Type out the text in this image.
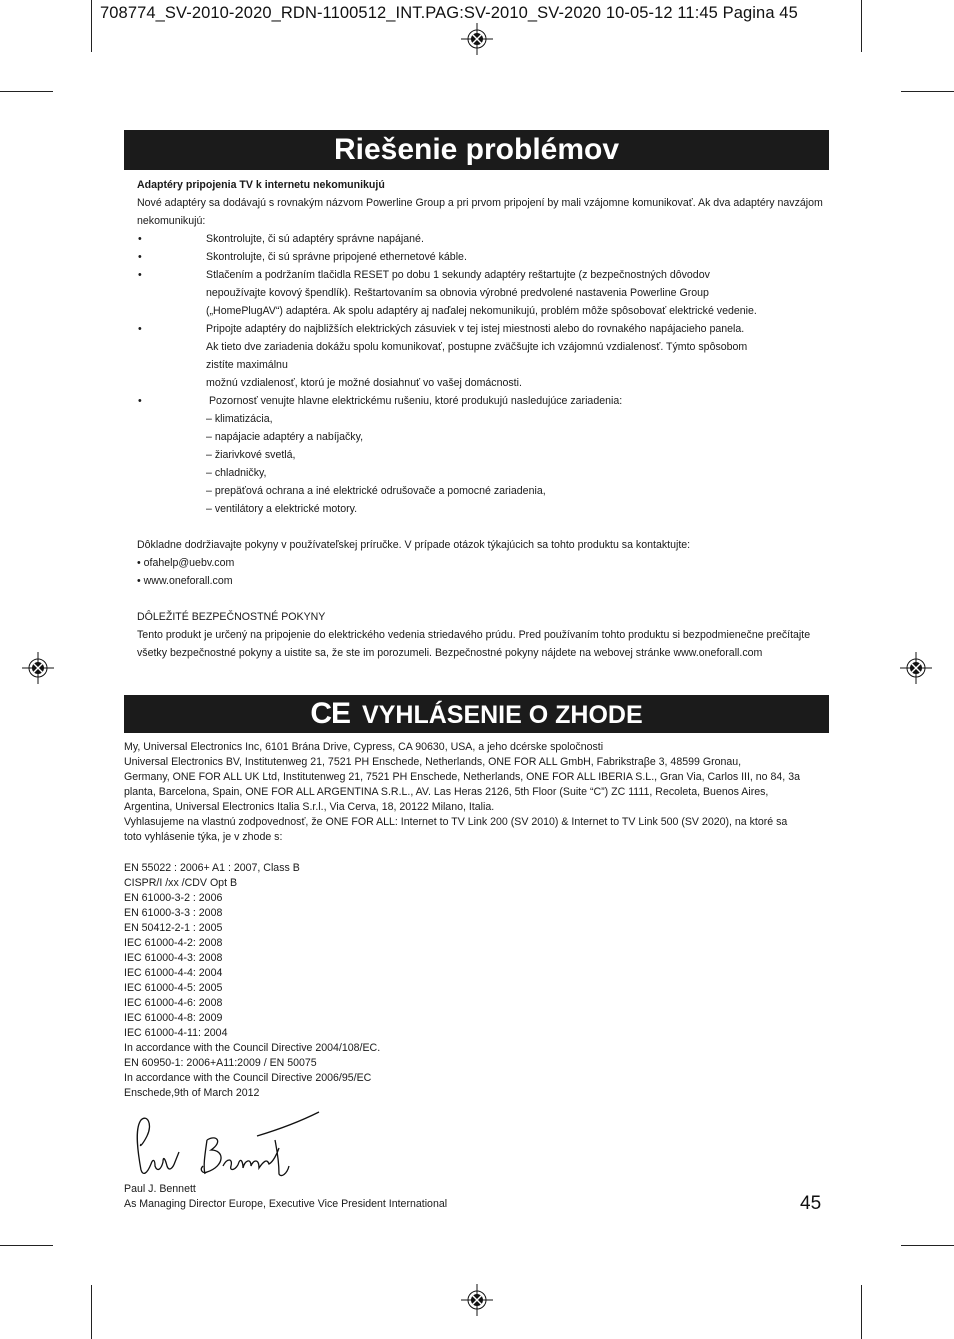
708774_SV-2010-2020_RDN-1100512_INT.PAG:SV-2010_SV-2020 10-05-12 11:45 Pagina 45
Riešenie problémov

Adaptéry pripojenia TV k internetu nekomunikujú

Nové adaptéry sa dodávajú s rovnakým názvom Powerline Group a pri prvom pripojení by mali vzájomne komunikovať. Ak dva adaptéry navzájom nekomunikujú:

•	Skontrolujte, či sú adaptéry správne napájané.
•	Skontrolujte, či sú správne pripojené ethernetové káble.
•	Stlačením a podržaním tlačidla RESET po dobu 1 sekundy adaptéry reštartujte (z bezpečnostných dôvodov

nepoužívajte kovový špendlík). Reštartovaním sa obnovia výrobné predvolené nastavenia Powerline Group

(„HomePlugAV“) adaptéra. Ak spolu adaptéry aj naďalej nekomunikujú, problém môže spôsobovať elektrické vedenie.

•	Pripojte adaptéry do najbližších elektrických zásuviek v tej istej miestnosti alebo do rovnakého napájacieho panela.

Ak tieto dve zariadenia dokážu spolu komunikovať, postupne zväčšujte ich vzájomnú vzdialenosť. Týmto spôsobom

zistíte maximálnu

možnú vzdialenosť, ktorú je možné dosiahnuť vo vašej domácnosti.

•	Pozornosť venujte hlavne elektrickému rušeniu, ktoré produkujú nasledujúce zariadenia:

– klimatizácia,

– napájacie adaptéry a nabíjačky,

– žiarivkové svetlá,

– chladničky,

– prepäťová ochrana a iné elektrické odrušovače a pomocné zariadenia,

– ventilátory a elektrické motory.

Dôkladne dodržiavajte pokyny v používateľskej príručke. V prípade otázok týkajúcich sa tohto produktu sa kontaktujte:

• ofahelp@uebv.com

• www.oneforall.com

DÔLEŽITÉ BEZPEČNOSTNÉ POKYNY

Tento produkt je určený na pripojenie do elektrického vedenia striedavého prúdu. Pred používaním tohto produktu si bezpodmienečne prečítajte všetky bezpečnostné pokyny a uistite sa, že ste im porozumeli. Bezpečnostné pokyny nájdete na webovej stránke www.oneforall.com

CE VYHLÁSENIE O ZHODE

My, Universal Electronics Inc, 6101 Brána Drive, Cypress, CA 90630, USA, a jeho dcérske spoločnosti

Universal Electronics BV, Institutenweg 21, 7521 PH Enschede, Netherlands, ONE FOR ALL GmbH, Fabrikstraβe 3, 48599 Gronau,

Germany, ONE FOR ALL UK Ltd, Institutenweg 21, 7521 PH Enschede, Netherlands, ONE FOR ALL IBERIA S.L., Gran Via, Carlos III, no 84, 3a

planta, Barcelona, Spain, ONE FOR ALL ARGENTINA S.R.L., AV. Las Heras 2126, 5th Floor (Suite “C”) ZC 1111, Recoleta, Buenos Aires,

Argentina, Universal Electronics Italia S.r.l., Via Cerva, 18, 20122 Milano, Italia.

Vyhlasujeme na vlastnú zodpovednosť, že ONE FOR ALL: Internet to TV Link 200 (SV 2010) & Internet to TV Link 500 (SV 2020), na ktoré sa

toto vyhlásenie týka, je v zhode s:

EN 55022 : 2006+ A1 : 2007, Class B

CISPR/I /xx /CDV Opt B

EN 61000-3-2 : 2006

EN 61000-3-3 : 2008

EN 50412-2-1 : 2005

IEC 61000-4-2: 2008

IEC 61000-4-3: 2008

IEC 61000-4-4: 2004

IEC 61000-4-5: 2005

IEC 61000-4-6: 2008

IEC 61000-4-8: 2009

IEC 61000-4-11: 2004

In accordance with the Council Directive 2004/108/EC.

EN 60950-1: 2006+A11:2009 / EN 50075

In accordance with the Council Directive 2006/95/EC

Enschede,9th of March 2012

Paul J. Bennett
As Managing Director Europe, Executive Vice President International	45
